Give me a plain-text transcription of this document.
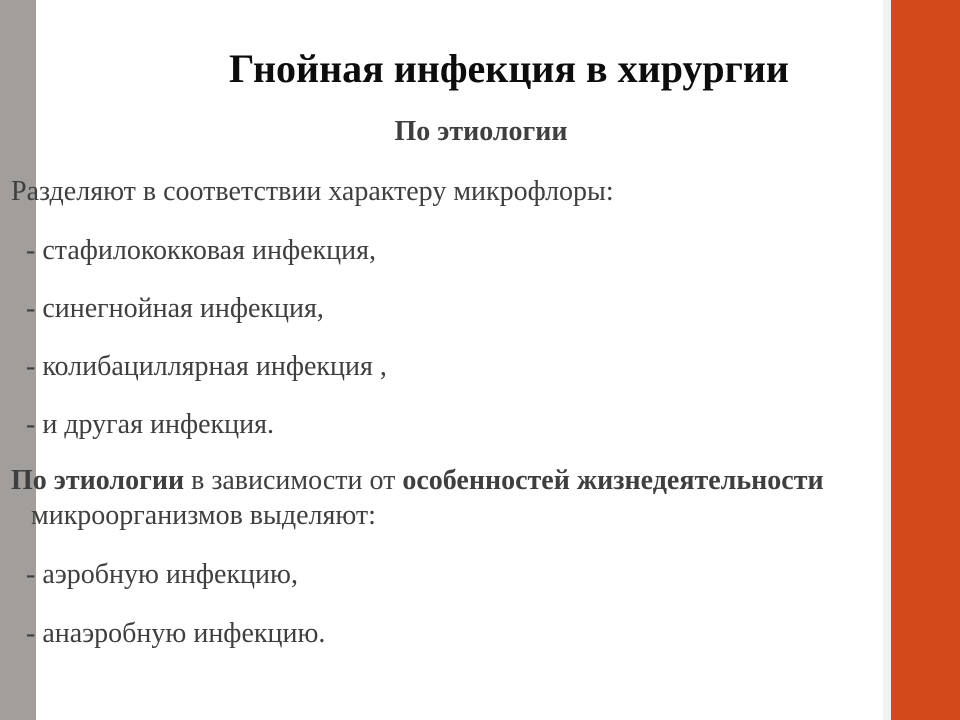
Гнойная инфекция в хирургии
По этиологии
Разделяют в соответствии характеру микрофлоры:
- стафилококковая инфекция,
- синегнойная инфекция,
- колибациллярная инфекция ,
- и другая инфекция.
По этиологии в зависимости от особенностей жизнедеятельности
микроорганизмов выделяют:
- аэробную инфекцию,
- анаэробную инфекцию.
